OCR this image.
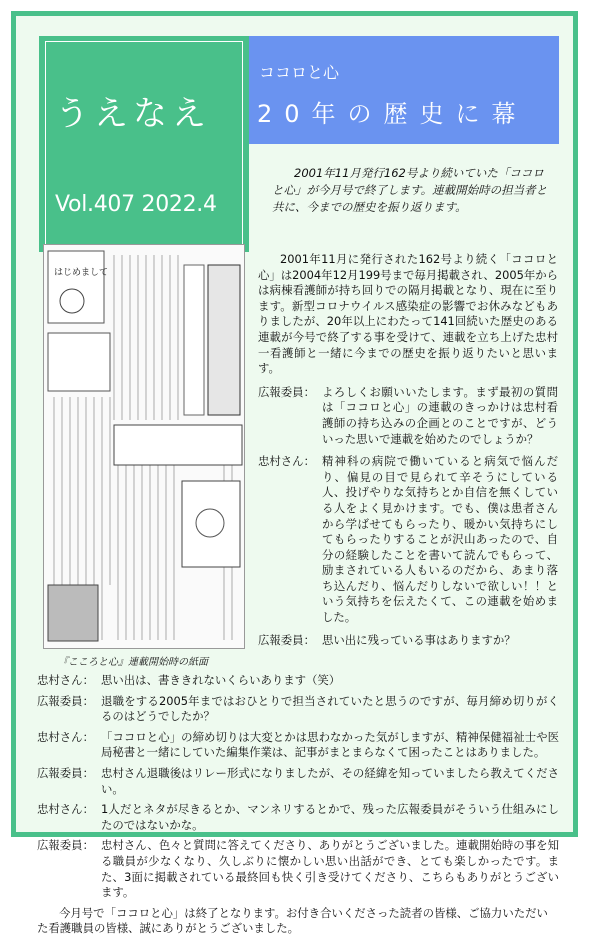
うえなえ
Vol.407 2022.4
ココロと心
20年の歴史に幕
2001年11月発行162号より続いていた「ココロと心」が今月号で終了します。連載開始時の担当者と共に、今までの歴史を振り返ります。
はじめまして
『こころと心』連載開始時の紙面

2001年11月に発行された162号より続く「ココロと心」は2004年12月199号まで毎月掲載され、2005年からは病棟看護師が持ち回りでの隔月掲載となり、現在に至ります。新型コロナウイルス感染症の影響でお休みなどもありましたが、20年以上にわたって141回続いた歴史のある連載が今号で終了する事を受けて、連載を立ち上げた忠村一看護師と一緒に今までの歴史を振り返りたいと思います。

広報委員： よろしくお願いいたします。まず最初の質問は「ココロと心」の連載のきっかけは忠村看護師の持ち込みの企画とのことですが、どういった思いで連載を始めたのでしょうか？
忠村さん： 精神科の病院で働いていると病気で悩んだり、偏見の目で見られて辛そうにしている人、投げやりな気持ちとか自信を無くしている人をよく見かけます。でも、僕は患者さんから学ばせてもらったり、暖かい気持ちにしてもらったりすることが沢山あったので、自分の経験したことを書いて読んでもらって、励まされている人もいるのだから、あまり落ち込んだり、悩んだりしないで欲しい！！という気持ちを伝えたくて、この連載を始めました。
広報委員： 思い出に残っている事はありますか？
忠村さん： 思い出は、書ききれないくらいあります（笑）
広報委員： 退職をする2005年まではおひとりで担当されていたと思うのですが、毎月締め切りがくるのはどうでしたか？
忠村さん： 「ココロと心」の締め切りは大変とかは思わなかった気がしますが、精神保健福祉士や医局秘書と一緒にしていた編集作業は、記事がまとまらなくて困ったことはありました。
広報委員： 忠村さん退職後はリレー形式になりましたが、その経緯を知っていましたら教えてください。
忠村さん： 1人だとネタが尽きるとか、マンネリするとかで、残った広報委員がそういう仕組みにしたのではないかな。
広報委員： 忠村さん、色々と質問に答えてくださり、ありがとうございました。連載開始時の事を知る職員が少なくなり、久しぶりに懐かしい思い出話ができ、とても楽しかったです。また、3面に掲載されている最終回も快く引き受けてくださり、こちらもありがとうございます。

今月号で「ココロと心」は終了となります。お付き合いくださった読者の皆様、ご協力いただいた看護職員の皆様、誠にありがとうございました。
